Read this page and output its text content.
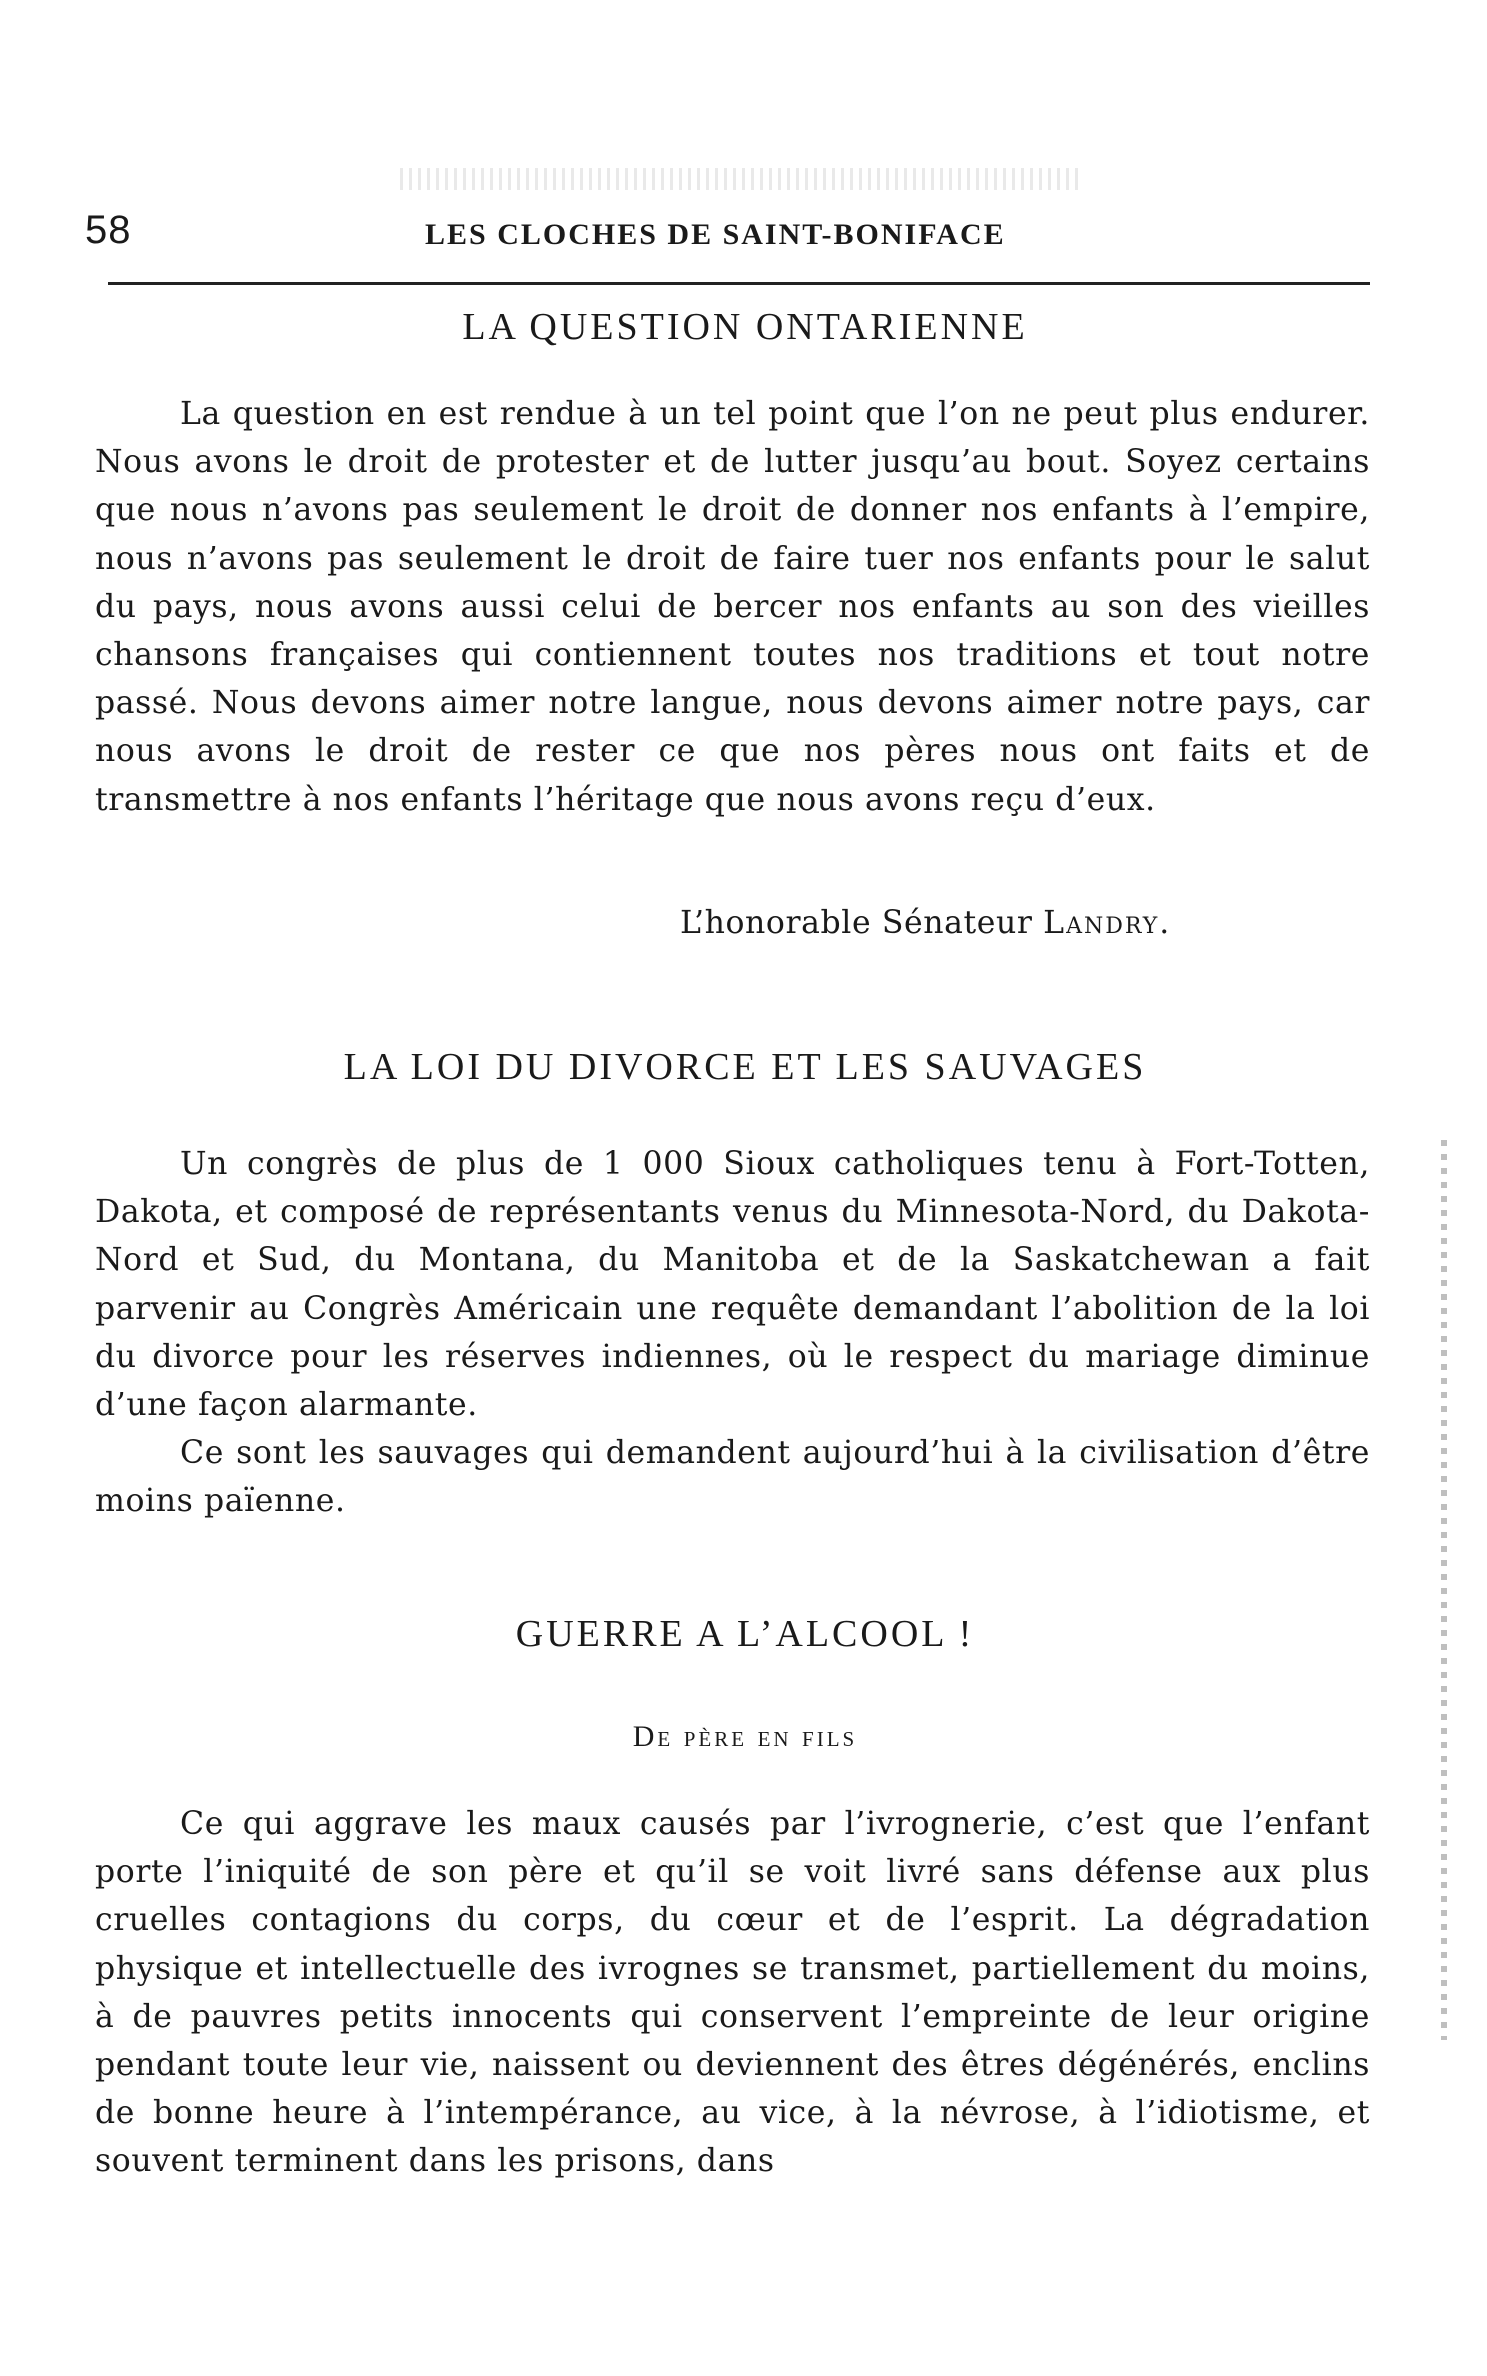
58	LES CLOCHES DE SAINT-BONIFACE
LA QUESTION ONTARIENNE

La question en est rendue à un tel point que l’on ne peut plus endurer. Nous avons le droit de protester et de lutter jusqu’au bout. Soyez certains que nous n’avons pas seulement le droit de donner nos enfants à l’empire, nous n’avons pas seulement le droit de faire tuer nos enfants pour le salut du pays, nous avons aussi celui de bercer nos enfants au son des vieilles chansons françaises qui contiennent toutes nos traditions et tout notre passé. Nous devons aimer notre langue, nous devons aimer notre pays, car nous avons le droit de rester ce que nos pères nous ont faits et de transmettre à nos enfants l’héritage que nous avons reçu d’eux.

L’honorable Sénateur Landry.
LA LOI DU DIVORCE ET LES SAUVAGES

Un congrès de plus de 1 000 Sioux catholiques tenu à Fort-Totten, Dakota, et composé de représentants venus du Minnesota-Nord, du Dakota-Nord et Sud, du Montana, du Manitoba et de la Saskatchewan a fait parvenir au Congrès Américain une requête demandant l’abolition de la loi du divorce pour les réserves indiennes, où le respect du mariage diminue d’une façon alarmante.

Ce sont les sauvages qui demandent aujourd’hui à la civilisation d’être moins païenne.

GUERRE A L’ALCOOL !
De père en fils

Ce qui aggrave les maux causés par l’ivrognerie, c’est que l’enfant porte l’iniquité de son père et qu’il se voit livré sans défense aux plus cruelles contagions du corps, du cœur et de l’esprit. La dégradation physique et intellectuelle des ivrognes se transmet, partiellement du moins, à de pauvres petits innocents qui conservent l’empreinte de leur origine pendant toute leur vie, naissent ou deviennent des êtres dégénérés, enclins de bonne heure à l’intempérance, au vice, à la névrose, à l’idiotisme, et souvent terminent dans les prisons, dans
